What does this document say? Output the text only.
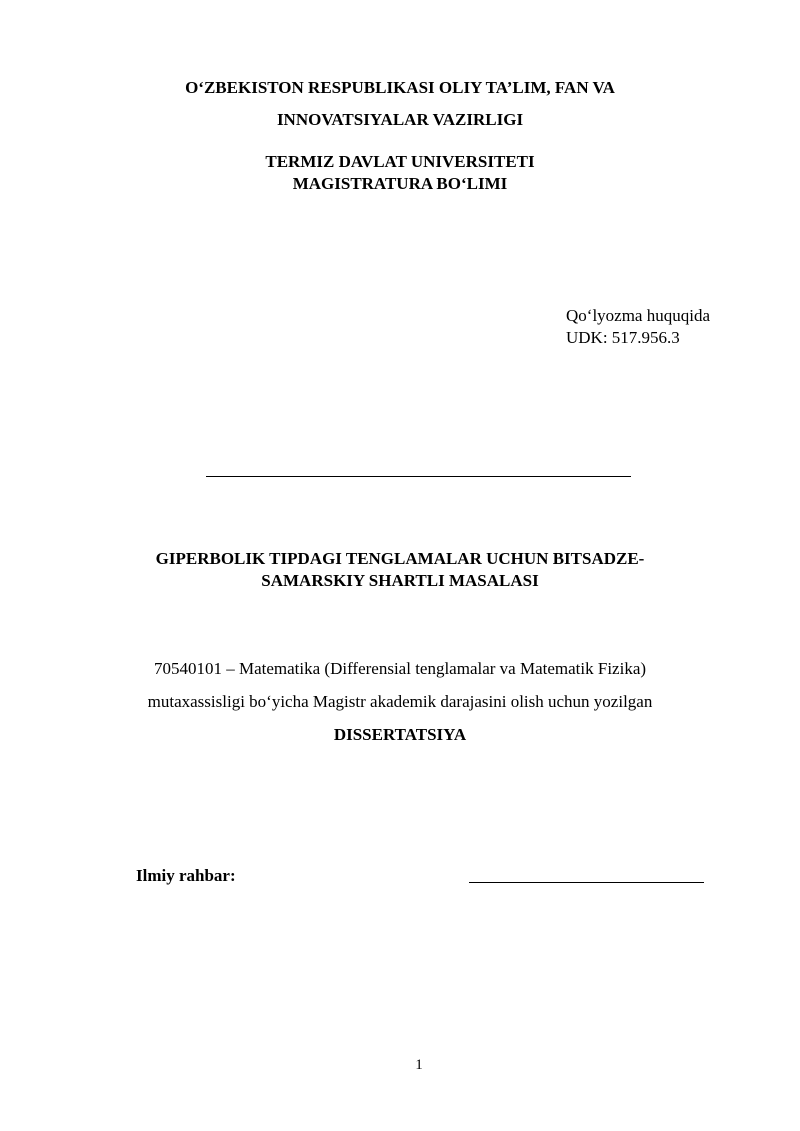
O‘ZBEKISTON RESPUBLIKASI OLIY TA’LIM, FAN VA
INNOVATSIYALAR VAZIRLIGI
TERMIZ DAVLAT UNIVERSITETI
MAGISTRATURA BO‘LIMI
Qo‘lyozma huquqida
UDK: 517.956.3
GIPERBOLIK TIPDAGI TENGLAMALAR UCHUN BITSADZE-
SAMARSKIY SHARTLI MASALASI
70540101 – Matematika (Differensial tenglamalar va Matematik Fizika)
mutaxassisligi bo‘yicha Magistr akademik darajasini olish uchun yozilgan
DISSERTATSIYA
Ilmiy rahbar:
1
